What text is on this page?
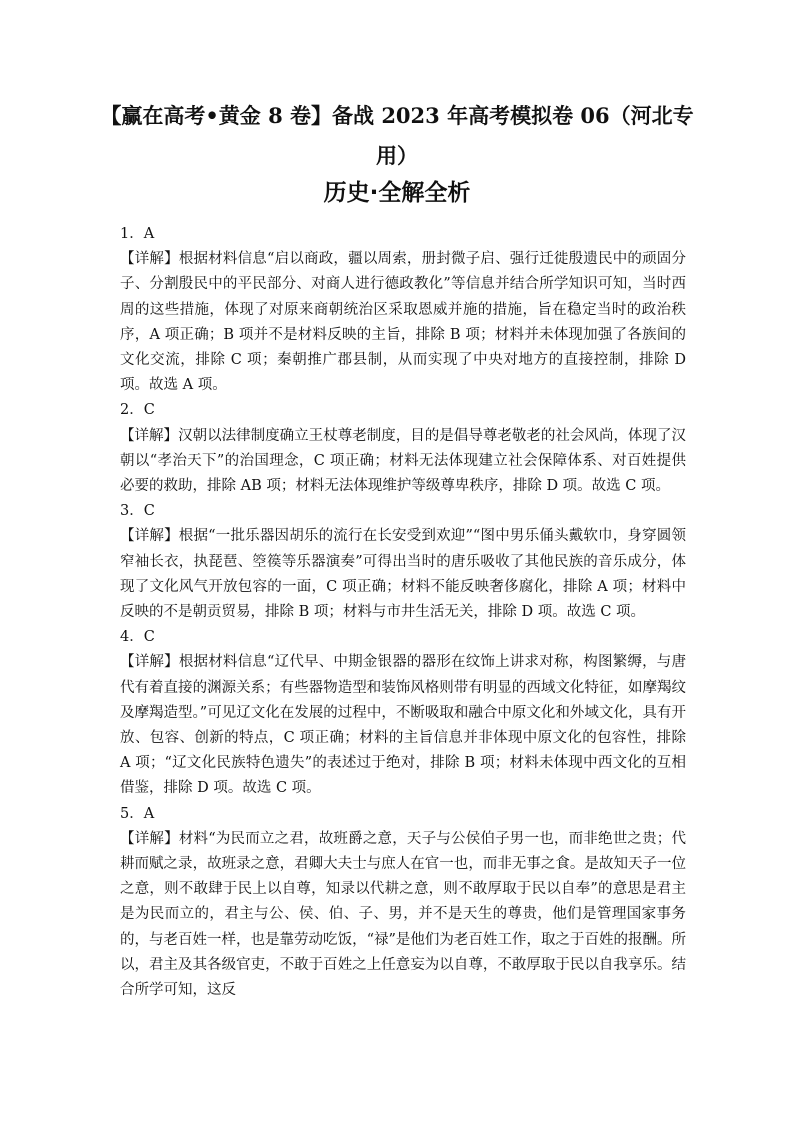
【赢在高考•黄金 8 卷】备战 2023 年高考模拟卷 06（河北专用）
历史·全解全析

1．A

【详解】根据材料信息“启以商政，疆以周索，册封微子启、强行迁徙殷遗民中的顽固分子、分割殷民中的平民部分、对商人进行德政教化”等信息并结合所学知识可知，当时西周的这些措施，体现了对原来商朝统治区采取恩威并施的措施，旨在稳定当时的政治秩序，A 项正确；B 项并不是材料反映的主旨，排除 B 项；材料并未体现加强了各族间的文化交流，排除 C 项；秦朝推广郡县制，从而实现了中央对地方的直接控制，排除 D 项。故选 A 项。

2．C

【详解】汉朝以法律制度确立王杖尊老制度，目的是倡导尊老敬老的社会风尚，体现了汉朝以“孝治天下”的治国理念，C 项正确；材料无法体现建立社会保障体系、对百姓提供必要的救助，排除 AB 项；材料无法体现维护等级尊卑秩序，排除 D 项。故选 C 项。

3．C

【详解】根据“一批乐器因胡乐的流行在长安受到欢迎”“图中男乐俑头戴软巾，身穿圆领窄袖长衣，执琵琶、箜篌等乐器演奏”可得出当时的唐乐吸收了其他民族的音乐成分，体现了文化风气开放包容的一面，C 项正确；材料不能反映奢侈腐化，排除 A 项；材料中反映的不是朝贡贸易，排除 B 项；材料与市井生活无关，排除 D 项。故选 C 项。

4．C

【详解】根据材料信息“辽代早、中期金银器的器形在纹饰上讲求对称，构图繁缛，与唐代有着直接的渊源关系；有些器物造型和装饰风格则带有明显的西域文化特征，如摩羯纹及摩羯造型。”可见辽文化在发展的过程中，不断吸取和融合中原文化和外域文化，具有开放、包容、创新的特点，C 项正确；材料的主旨信息并非体现中原文化的包容性，排除 A 项；“辽文化民族特色遗失”的表述过于绝对，排除 B 项；材料未体现中西文化的互相借鉴，排除 D 项。故选 C 项。

5．A

【详解】材料“为民而立之君，故班爵之意，天子与公侯伯子男一也，而非绝世之贵；代耕而赋之录，故班录之意，君卿大夫士与庶人在官一也，而非无事之食。是故知天子一位之意，则不敢肆于民上以自尊，知录以代耕之意，则不敢厚取于民以自奉”的意思是君主是为民而立的，君主与公、侯、伯、子、男，并不是天生的尊贵，他们是管理国家事务的，与老百姓一样，也是靠劳动吃饭，“禄”是他们为老百姓工作，取之于百姓的报酬。所以，君主及其各级官吏，不敢于百姓之上任意妄为以自尊，不敢厚取于民以自我享乐。结合所学可知，这反
